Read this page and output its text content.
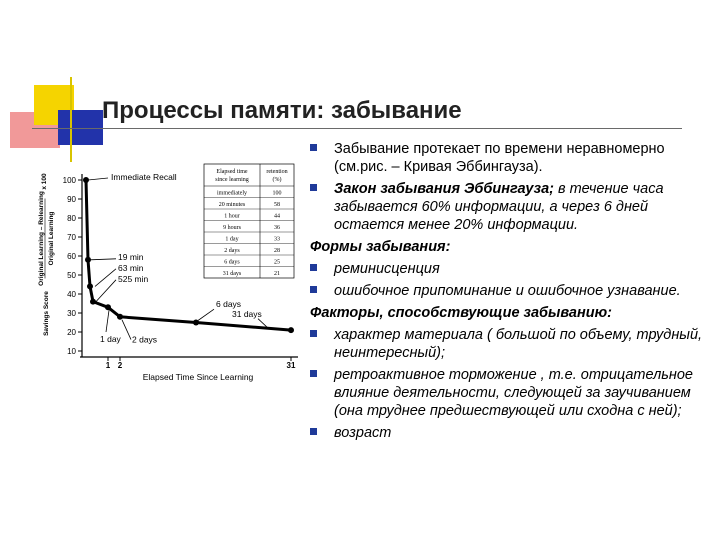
Процессы памяти: забывание
10
20
30
40
50
60
70
80
90
100
1 2	31
Elapsed Time Since Learning
Savings Score
Original Learning – Relearning Original Learning
x 100
Elapsed time
since learning
retention
(%)
immediately	100
20 minutes	58
1 hour	44
9 hours	36
1 day	33
2 days	28
6 days	25
31 days	21
Immediate Recall
19 min
63 min
525 min
1 day 2 days
6 days
31 days
Забывание протекает по времени неравномерно (см.рис. – Кривая Эббингауза).
Закон забывания Эббингауза; в течение часа забывается 60% информации, а через 6 дней остается менее 20% информации.
Формы забывания:
реминисценция
ошибочное припоминание и ошибочное узнавание.
Факторы, способствующие забыванию:
характер материала ( большой по объему, трудный, неинтересный);
ретроактивное торможение , т.е. отрицательное влияние деятельности, следующей за заучиванием (она труднее предшествующей или сходна с ней);
возраст
